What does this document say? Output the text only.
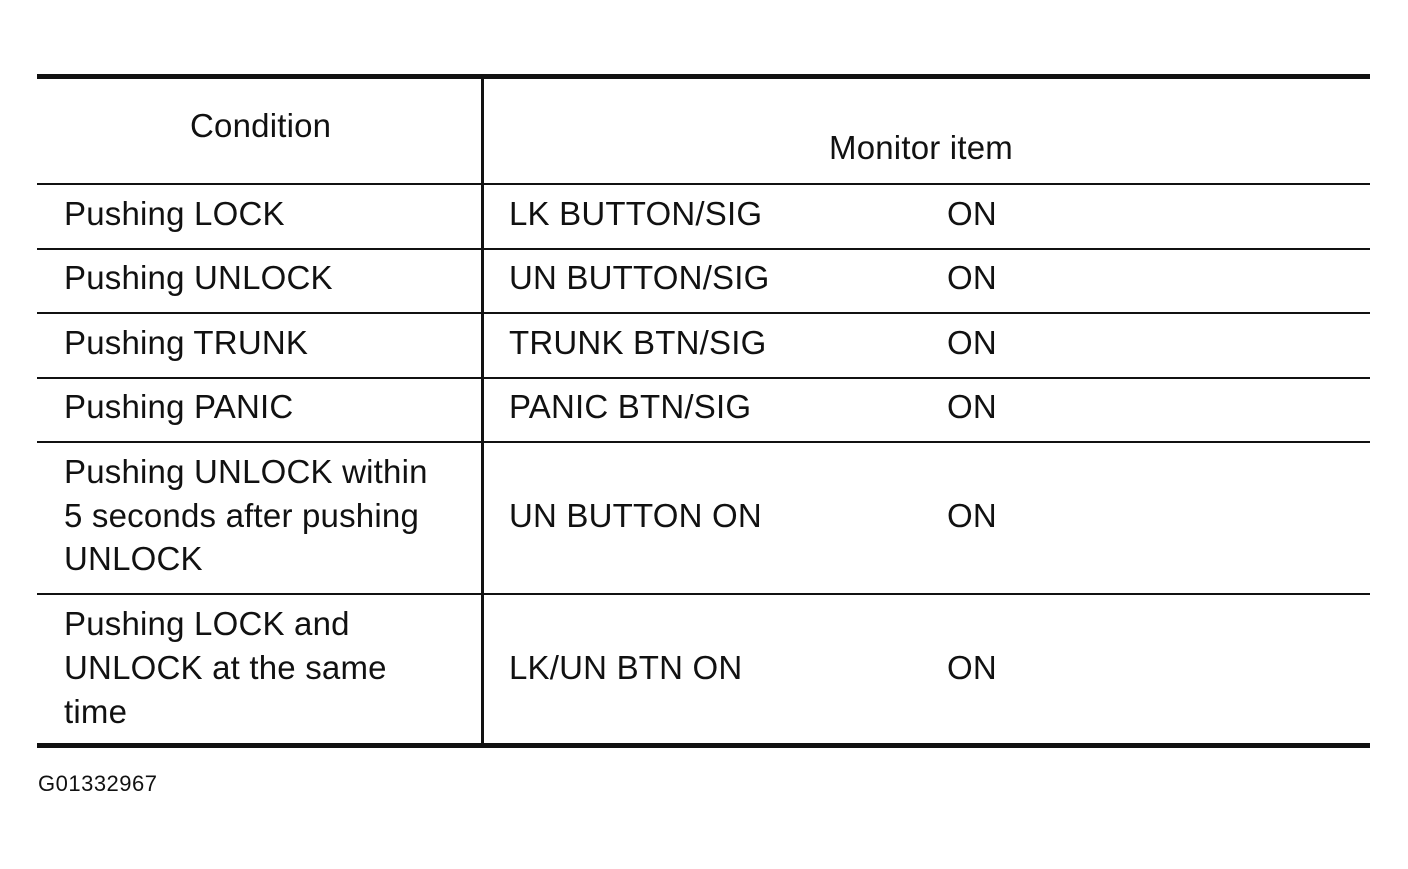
Condition
Monitor item
Pushing LOCK	LK BUTTON/SIG	ON
Pushing UNLOCK	UN BUTTON/SIG	ON
Pushing TRUNK	TRUNK BTN/SIG	ON
Pushing PANIC	PANIC BTN/SIG	ON
Pushing UNLOCK within
5 seconds after pushing
UNLOCK
UN BUTTON ON	ON
Pushing LOCK and
UNLOCK at the same
time
LK/UN BTN ON	ON
G01332967
